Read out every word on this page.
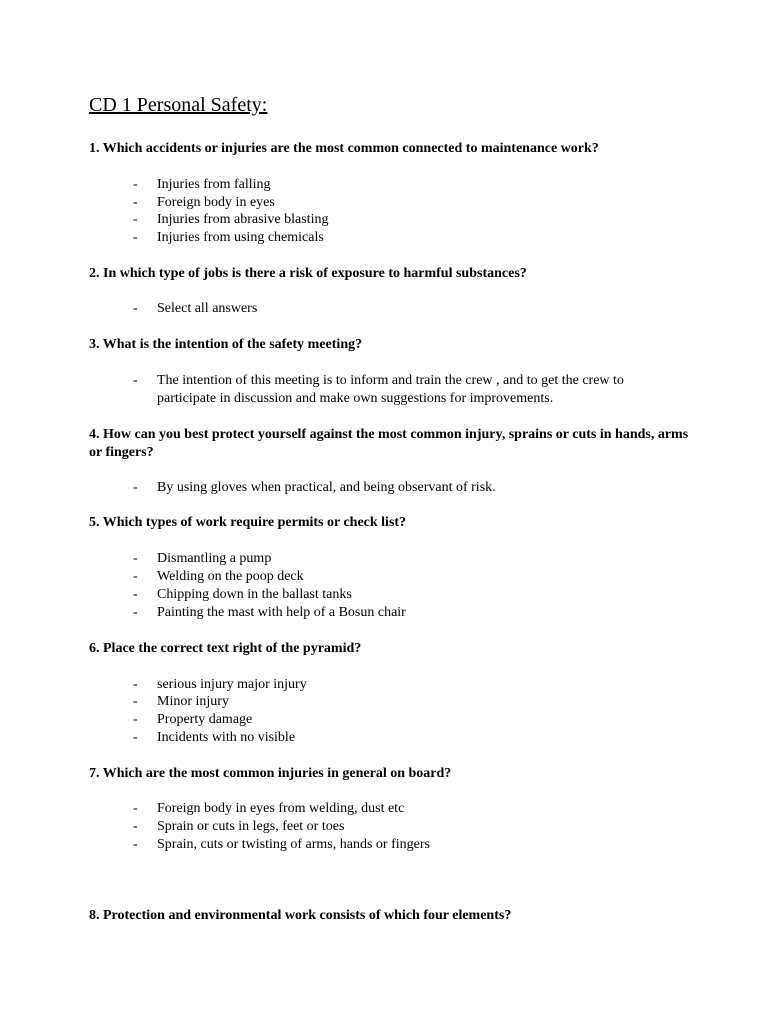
CD 1 Personal Safety:
1. Which accidents or injuries are the most common connected to maintenance work?
- Injuries from falling
- Foreign body in eyes
- Injuries from abrasive blasting
- Injuries from using chemicals
2. In which type of jobs is there a risk of exposure to harmful substances?
- Select all answers
3. What is the intention of the safety meeting?
- The intention of this meeting is to inform and train the crew , and to get the crew to participate in discussion and make own suggestions for improvements.
4. How can you best protect yourself against the most common injury, sprains or cuts in hands, arms or fingers?
- By using gloves when practical, and being observant of risk.
5. Which types of work require permits or check list?
- Dismantling a pump
- Welding on the poop deck
- Chipping down in the ballast tanks
- Painting the mast with help of a Bosun chair
6. Place the correct text right of the pyramid?
- serious injury major injury
- Minor injury
- Property damage
- Incidents with no visible
7. Which are the most common injuries in general on board?
- Foreign body in eyes from welding, dust etc
- Sprain or cuts in legs, feet or toes
- Sprain, cuts or twisting of arms, hands or fingers
8. Protection and environmental work consists of which four elements?
